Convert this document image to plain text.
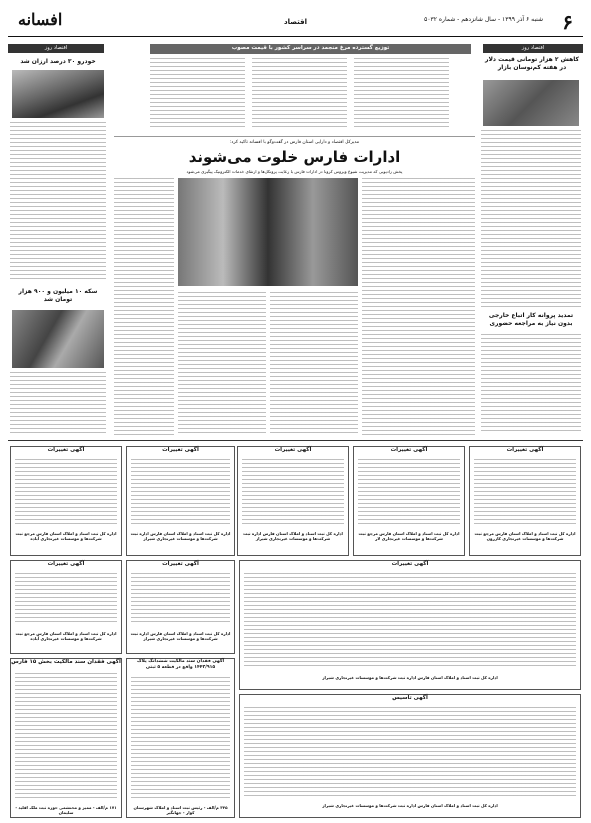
۶
شنبه ۶ آذر ۱۳۹۹ - سال شانزدهم - شماره ۵۰۳۲
اقتصاد
افسانه
توزیع گسترده مرغ منجمد در سراسر کشور با قیمت مصوب	اقتصاد روز
اقتصاد روز
کاهش ۲ هزار تومانی قیمت دلار در هفته کم‌نوسان بازار
تمدید پروانه کار اتباع خارجی بدون نیاز به مراجعه حضوری
خودرو ۳۰ درصد ارزان شد
سکه ۱۰ میلیون و ۹۰۰ هزار تومان شد
مدیرکل اقتصاد و دارایی استان فارس در گفت‌وگو با افسانه تاکید کرد:
ادارات فارس خلوت می‌شوند
پخش رادیویی که مدیریت شیوع ویروس کرونا در ادارات فارس با رعایت پروتکل‌ها و ارتقای خدمات الکترونیک پیگیری می‌شود
آگهی تغییرات
اداره کل ثبت اسناد و املاک استان فارس مرجع ثبت شرکت‌ها و موسسات غیرتجاری کازرون
آگهی تغییرات
اداره کل ثبت اسناد و املاک استان فارس مرجع ثبت شرکت‌ها و موسسات غیرتجاری لار
آگهی تغییرات
اداره کل ثبت اسناد و املاک استان فارس اداره ثبت شرکت‌ها و موسسات غیرتجاری شیراز
آگهی تغییرات
اداره کل ثبت اسناد و املاک استان فارس اداره ثبت شرکت‌ها و موسسات غیرتجاری شیراز
آگهی تغییرات
اداره کل ثبت اسناد و املاک استان فارس مرجع ثبت شرکت‌ها و موسسات غیرتجاری آباده
آگهی تغییرات
اداره کل ثبت اسناد و املاک استان فارس مرجع ثبت شرکت‌ها و موسسات غیرتجاری آباده
آگهی تغییرات
اداره کل ثبت اسناد و املاک استان فارس اداره ثبت شرکت‌ها و موسسات غیرتجاری شیراز
آگهی تغییرات
اداره کل ثبت اسناد و املاک استان فارس اداره ثبت شرکت‌ها و موسسات غیرتجاری شیراز
آگهی فقدان سند مالکیت بخش ۱۵ فارس
۱۷۱ م/الف - ممیز و محتشمی حوزه ثبت ملک اقلید - سلیمان
آگهی فقدان سند مالکیت ششدانگ پلاک ۱۴۴۳/۹۱۵ واقع در قطعه ۵ ثبتی
۳۴۵ م/الف - رئیس ثبت اسناد و املاک شهرستان کوار - جهانگیر
آگهی تاسیس
اداره کل ثبت اسناد و املاک استان فارس اداره ثبت شرکت‌ها و موسسات غیرتجاری شیراز
